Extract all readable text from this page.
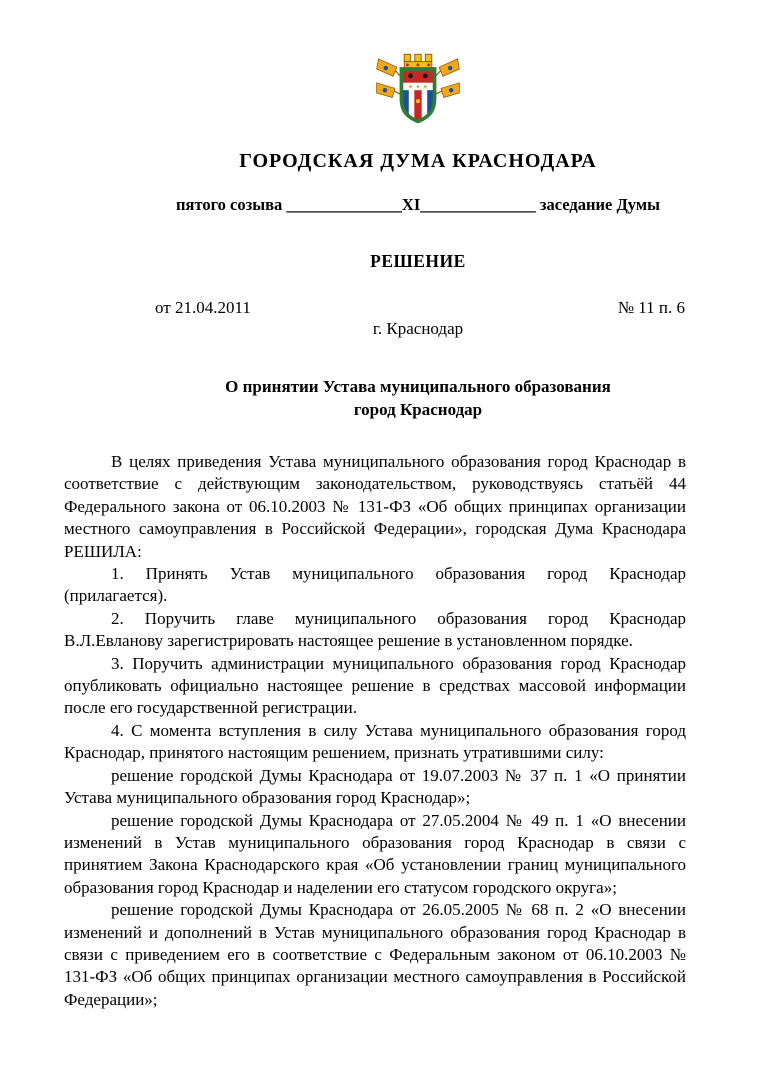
ГОРОДСКАЯ ДУМА КРАСНОДАРА
пятого созыва ______________XI______________ заседание Думы
РЕШЕНИЕ
от 21.04.2011	№ 11 п. 6
г. Краснодар
О принятии Устава муниципального образования
город Краснодар

В целях приведения Устава муниципального образования город Краснодар в соответствие с действующим законодательством, руководствуясь статьёй 44 Федерального закона от 06.10.2003 № 131-ФЗ «Об общих принципах организации местного самоуправления в Российской Федерации», городская Дума Краснодара РЕШИЛА:

1. Принять Устав муниципального образования город Краснодар (прилагается).

2. Поручить главе муниципального образования город Краснодар В.Л.Евланову зарегистрировать настоящее решение в установленном порядке.

3. Поручить администрации муниципального образования город Краснодар опубликовать официально настоящее решение в средствах массовой информации после его государственной регистрации.

4. С момента вступления в силу Устава муниципального образования город Краснодар, принятого настоящим решением, признать утратившими силу:

решение городской Думы Краснодара от 19.07.2003 № 37 п. 1 «О принятии Устава муниципального образования город Краснодар»;

решение городской Думы Краснодара от 27.05.2004 № 49 п. 1 «О внесении изменений в Устав муниципального образования город Краснодар в связи с принятием Закона Краснодарского края «Об установлении границ муниципального образования город Краснодар и наделении его статусом городского округа»;

решение городской Думы Краснодара от 26.05.2005 № 68 п. 2 «О внесении изменений и дополнений в Устав муниципального образования город Краснодар в связи с приведением его в соответствие с Федеральным законом от 06.10.2003 № 131-ФЗ «Об общих принципах организации местного самоуправления в Российской Федерации»;
